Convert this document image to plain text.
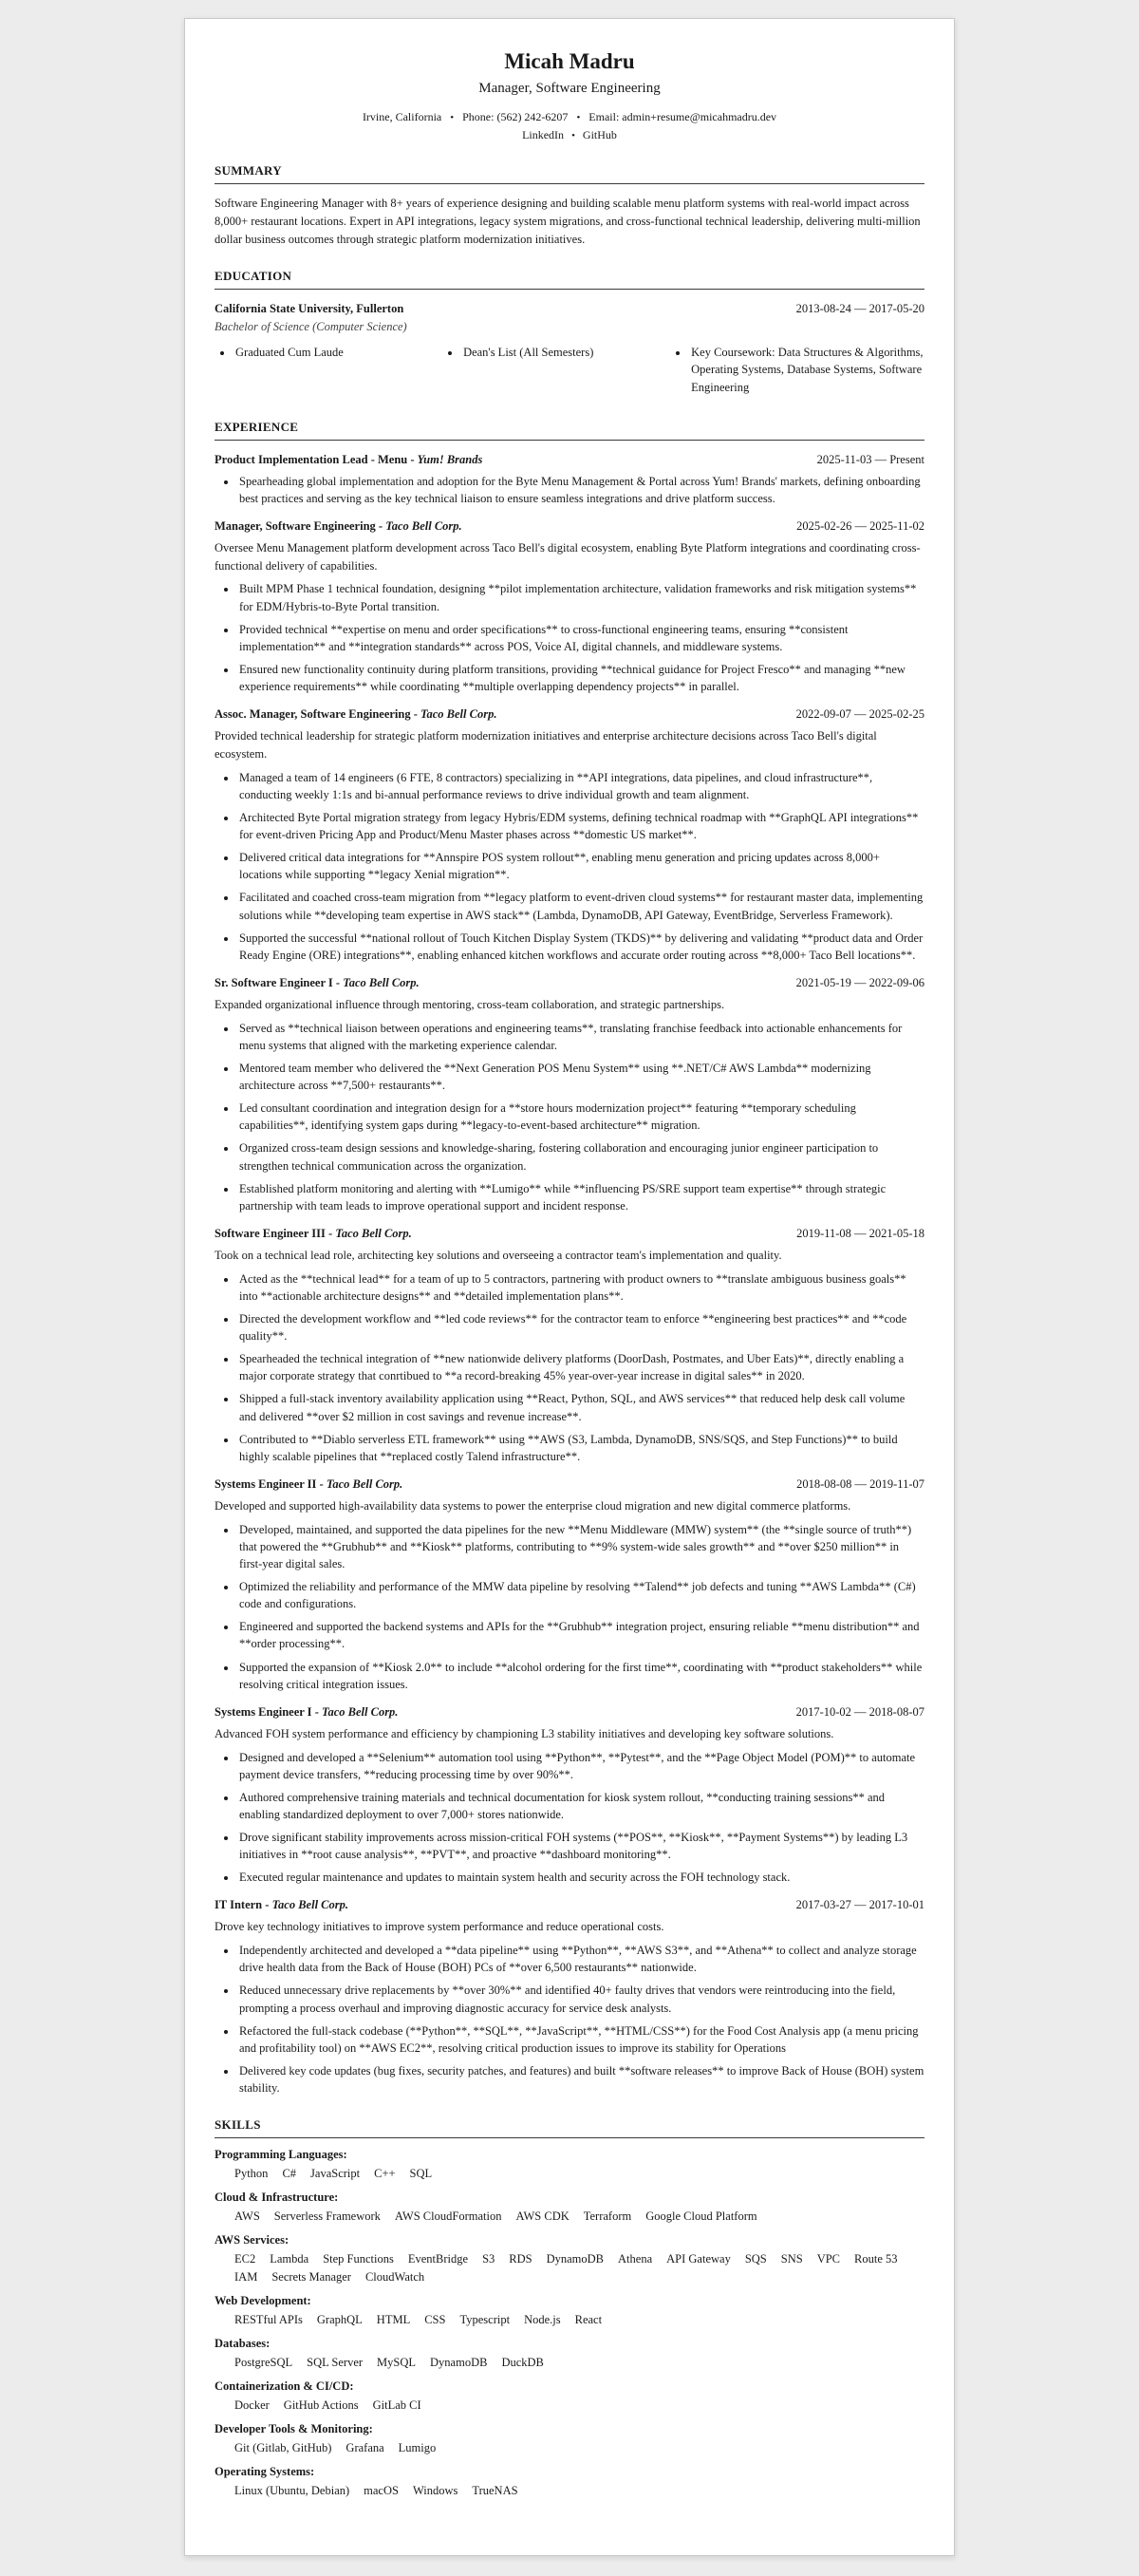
Micah Madru

Manager, Software Engineering

Irvine, California • Phone: (562) 242-6207 • Email: admin+resume@micahmadru.dev
LinkedIn • GitHub
SUMMARY

Software Engineering Manager with 8+ years of experience designing and building scalable menu platform systems with real-world impact across 8,000+ restaurant locations. Expert in API integrations, legacy system migrations, and cross-functional technical leadership, delivering multi-million dollar business outcomes through strategic platform modernization initiatives.

EDUCATION
California State University, Fullerton	2013-08-24 — 2017-05-20
Bachelor of Science (Computer Science)
• Graduated Cum Laude	• Dean's List (All Semesters)	• Key Coursework: Data Structures & Algorithms, Operating Systems, Database Systems, Software Engineering
EXPERIENCE
Product Implementation Lead - Menu - Yum! Brands	2025-11-03 — Present
• Spearheading global implementation and adoption for the Byte Menu Management & Portal across Yum! Brands' markets, defining onboarding best practices and serving as the key technical liaison to ensure seamless integrations and drive platform success.
Manager, Software Engineering - Taco Bell Corp.	2025-02-26 — 2025-11-02

Oversee Menu Management platform development across Taco Bell's digital ecosystem, enabling Byte Platform integrations and coordinating cross-functional delivery of capabilities.

• Built MPM Phase 1 technical foundation, designing **pilot implementation architecture, validation frameworks and risk mitigation systems** for EDM/Hybris-to-Byte Portal transition.
• Provided technical **expertise on menu and order specifications** to cross-functional engineering teams, ensuring **consistent implementation** and **integration standards** across POS, Voice AI, digital channels, and middleware systems.
• Ensured new functionality continuity during platform transitions, providing **technical guidance for Project Fresco** and managing **new experience requirements** while coordinating **multiple overlapping dependency projects** in parallel.
Assoc. Manager, Software Engineering - Taco Bell Corp.	2022-09-07 — 2025-02-25

Provided technical leadership for strategic platform modernization initiatives and enterprise architecture decisions across Taco Bell's digital ecosystem.

• Managed a team of 14 engineers (6 FTE, 8 contractors) specializing in **API integrations, data pipelines, and cloud infrastructure**, conducting weekly 1:1s and bi-annual performance reviews to drive individual growth and team alignment.
• Architected Byte Portal migration strategy from legacy Hybris/EDM systems, defining technical roadmap with **GraphQL API integrations** for event-driven Pricing App and Product/Menu Master phases across **domestic US market**.
• Delivered critical data integrations for **Annspire POS system rollout**, enabling menu generation and pricing updates across 8,000+ locations while supporting **legacy Xenial migration**.
• Facilitated and coached cross-team migration from **legacy platform to event-driven cloud systems** for restaurant master data, implementing solutions while **developing team expertise in AWS stack** (Lambda, DynamoDB, API Gateway, EventBridge, Serverless Framework).
• Supported the successful **national rollout of Touch Kitchen Display System (TKDS)** by delivering and validating **product data and Order Ready Engine (ORE) integrations**, enabling enhanced kitchen workflows and accurate order routing across **8,000+ Taco Bell locations**.
Sr. Software Engineer I - Taco Bell Corp.	2021-05-19 — 2022-09-06

Expanded organizational influence through mentoring, cross-team collaboration, and strategic partnerships.

• Served as **technical liaison between operations and engineering teams**, translating franchise feedback into actionable enhancements for menu systems that aligned with the marketing experience calendar.
• Mentored team member who delivered the **Next Generation POS Menu System** using **.NET/C# AWS Lambda** modernizing architecture across **7,500+ restaurants**.
• Led consultant coordination and integration design for a **store hours modernization project** featuring **temporary scheduling capabilities**, identifying system gaps during **legacy-to-event-based architecture** migration.
• Organized cross-team design sessions and knowledge-sharing, fostering collaboration and encouraging junior engineer participation to strengthen technical communication across the organization.
• Established platform monitoring and alerting with **Lumigo** while **influencing PS/SRE support team expertise** through strategic partnership with team leads to improve operational support and incident response.
Software Engineer III - Taco Bell Corp.	2019-11-08 — 2021-05-18

Took on a technical lead role, architecting key solutions and overseeing a contractor team's implementation and quality.

• Acted as the **technical lead** for a team of up to 5 contractors, partnering with product owners to **translate ambiguous business goals** into **actionable architecture designs** and **detailed implementation plans**.
• Directed the development workflow and **led code reviews** for the contractor team to enforce **engineering best practices** and **code quality**.
• Spearheaded the technical integration of **new nationwide delivery platforms (DoorDash, Postmates, and Uber Eats)**, directly enabling a major corporate strategy that conrtibued to **a record-breaking 45% year-over-year increase in digital sales** in 2020.
• Shipped a full-stack inventory availability application using **React, Python, SQL, and AWS services** that reduced help desk call volume and delivered **over $2 million in cost savings and revenue increase**.
• Contributed to **Diablo serverless ETL framework** using **AWS (S3, Lambda, DynamoDB, SNS/SQS, and Step Functions)** to build highly scalable pipelines that **replaced costly Talend infrastructure**.
Systems Engineer II - Taco Bell Corp.	2018-08-08 — 2019-11-07

Developed and supported high-availability data systems to power the enterprise cloud migration and new digital commerce platforms.

• Developed, maintained, and supported the data pipelines for the new **Menu Middleware (MMW) system** (the **single source of truth**) that powered the **Grubhub** and **Kiosk** platforms, contributing to **9% system-wide sales growth** and **over $250 million** in first-year digital sales.
• Optimized the reliability and performance of the MMW data pipeline by resolving **Talend** job defects and tuning **AWS Lambda** (C#) code and configurations.
• Engineered and supported the backend systems and APIs for the **Grubhub** integration project, ensuring reliable **menu distribution** and **order processing**.
• Supported the expansion of **Kiosk 2.0** to include **alcohol ordering for the first time**, coordinating with **product stakeholders** while resolving critical integration issues.
Systems Engineer I - Taco Bell Corp.	2017-10-02 — 2018-08-07

Advanced FOH system performance and efficiency by championing L3 stability initiatives and developing key software solutions.

• Designed and developed a **Selenium** automation tool using **Python**, **Pytest**, and the **Page Object Model (POM)** to automate payment device transfers, **reducing processing time by over 90%**.
• Authored comprehensive training materials and technical documentation for kiosk system rollout, **conducting training sessions** and enabling standardized deployment to over 7,000+ stores nationwide.
• Drove significant stability improvements across mission-critical FOH systems (**POS**, **Kiosk**, **Payment Systems**) by leading L3 initiatives in **root cause analysis**, **PVT**, and proactive **dashboard monitoring**.
• Executed regular maintenance and updates to maintain system health and security across the FOH technology stack.
IT Intern - Taco Bell Corp.	2017-03-27 — 2017-10-01

Drove key technology initiatives to improve system performance and reduce operational costs.

• Independently architected and developed a **data pipeline** using **Python**, **AWS S3**, and **Athena** to collect and analyze storage drive health data from the Back of House (BOH) PCs of **over 6,500 restaurants** nationwide.
• Reduced unnecessary drive replacements by **over 30%** and identified 40+ faulty drives that vendors were reintroducing into the field, prompting a process overhaul and improving diagnostic accuracy for service desk analysts.
• Refactored the full-stack codebase (**Python**, **SQL**, **JavaScript**, **HTML/CSS**) for the Food Cost Analysis app (a menu pricing and profitability tool) on **AWS EC2**, resolving critical production issues to improve its stability for Operations
• Delivered key code updates (bug fixes, security patches, and features) and built **software releases** to improve Back of House (BOH) system stability.
SKILLS
Programming Languages:
Python C# JavaScript C++ SQL
Cloud & Infrastructure:
AWS Serverless Framework AWS CloudFormation AWS CDK Terraform Google Cloud Platform
AWS Services:
EC2 Lambda Step Functions EventBridge S3 RDS DynamoDB Athena API Gateway SQS SNS VPC Route 53
IAM Secrets Manager CloudWatch
Web Development:
RESTful APIs GraphQL HTML CSS Typescript Node.js React
Databases:
PostgreSQL SQL Server MySQL DynamoDB DuckDB
Containerization & CI/CD:
Docker GitHub Actions GitLab CI
Developer Tools & Monitoring:
Git (Gitlab, GitHub) Grafana Lumigo
Operating Systems:
Linux (Ubuntu, Debian) macOS Windows TrueNAS
